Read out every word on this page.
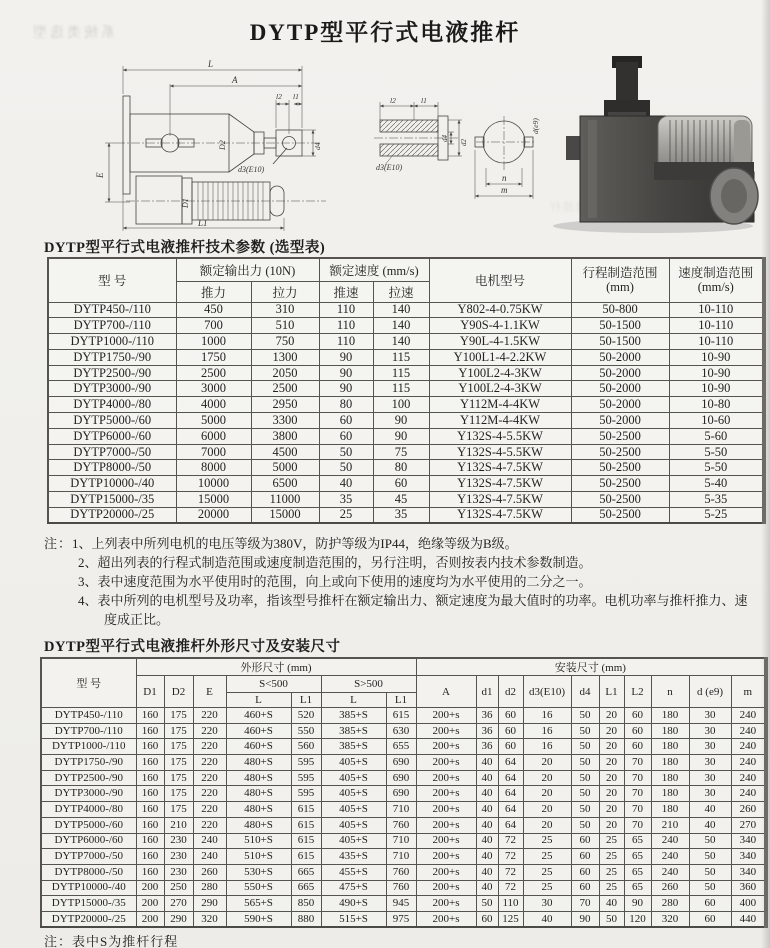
系统类选型	DYTP型平行式电液推杆
L
A
l2 l1
d4
d3(E10)
E
D2
D1
L1
l2	l1
d4
d2
d3(E10)
n
m
d(e9)
DYTP型平行式电液推杆技术参数 (选型表)
型 号	额定输出力 (10N)	额定速度 (mm/s)	电机型号	
行程制造范围
(mm)

速度制造范围
(mm/s)

	推力	拉力	推速	拉速			
DYTP450-/110	450	310	110	140	Y802-4-0.75KW	50-800	10-110
DYTP700-/110	700	510	110	140	Y90S-4-1.1KW	50-1500	10-110
DYTP1000-/110	1000	750	110	140	Y90L-4-1.5KW	50-1500	10-110
DYTP1750-/90	1750	1300	90	115	Y100L1-4-2.2KW	50-2000	10-90
DYTP2500-/90	2500	2050	90	115	Y100L2-4-3KW	50-2000	10-90
DYTP3000-/90	3000	2500	90	115	Y100L2-4-3KW	50-2000	10-90
DYTP4000-/80	4000	2950	80	100	Y112M-4-4KW	50-2000	10-80
DYTP5000-/60	5000	3300	60	90	Y112M-4-4KW	50-2000	10-60
DYTP6000-/60	6000	3800	60	90	Y132S-4-5.5KW	50-2500	5-60
DYTP7000-/50	7000	4500	50	75	Y132S-4-5.5KW	50-2500	5-50
DYTP8000-/50	8000	5000	50	80	Y132S-4-7.5KW	50-2500	5-50
DYTP10000-/40	10000	6500	40	60	Y132S-4-7.5KW	50-2500	5-40
DYTP15000-/35	15000	11000	35	45	Y132S-4-7.5KW	50-2500	5-35
DYTP20000-/25	20000	15000	25	35	Y132S-4-7.5KW	50-2500	5-25
注：1、上列表中所列电机的电压等级为380V，防护等级为IP44，绝缘等级为B级。
2、超出列表的行程式制造范围或速度制造范围的，另行注明，否则按表内技术参数制造。
3、表中速度范围为水平使用时的范围，向上或向下使用的速度均为水平使用的二分之一。
4、表中所列的电机型号及功率，指该型号推杆在额定输出力、额定速度为最大值时的功率。电机功率与推杆推力、速度成正比。
DYTP型平行式电液推杆外形尺寸及安装尺寸
型 号	外形尺寸 (mm)							安装尺寸 (mm)									
	D1	D2	E	S<500		S>500		A	d1	d2	d3(E10)	d4	L1	L2	n	d (e9)	m
				L	L1	L	L1										
DYTP450-/110	160	175	220	460+S	520	385+S	615	200+s	36	60	16	50	20	60	180	30	240
DYTP700-/110	160	175	220	460+S	550	385+S	630	200+s	36	60	16	50	20	60	180	30	240
DYTP1000-/110	160	175	220	460+S	560	385+S	655	200+s	36	60	16	50	20	60	180	30	240
DYTP1750-/90	160	175	220	480+S	595	405+S	690	200+s	40	64	20	50	20	70	180	30	240
DYTP2500-/90	160	175	220	480+S	595	405+S	690	200+s	40	64	20	50	20	70	180	30	240
DYTP3000-/90	160	175	220	480+S	595	405+S	690	200+s	40	64	20	50	20	70	180	30	240
DYTP4000-/80	160	175	220	480+S	615	405+S	710	200+s	40	64	20	50	20	70	180	40	260
DYTP5000-/60	160	210	220	480+S	615	405+S	760	200+s	40	64	20	50	20	70	210	40	270
DYTP6000-/60	160	230	240	510+S	615	405+S	710	200+s	40	72	25	60	25	65	240	50	340
DYTP7000-/50	160	230	240	510+S	615	435+S	710	200+s	40	72	25	60	25	65	240	50	340
DYTP8000-/50	160	230	260	530+S	665	455+S	760	200+s	40	72	25	60	25	65	240	50	340
DYTP10000-/40	200	250	280	550+S	665	475+S	760	200+s	40	72	25	60	25	65	260	50	360
DYTP15000-/35	200	270	290	565+S	850	490+S	945	200+s	50	110	30	70	40	90	280	60	400
DYTP20000-/25	200	290	320	590+S	880	515+S	975	200+s	60	125	40	90	50	120	320	60	440
注：表中S为推杆行程
